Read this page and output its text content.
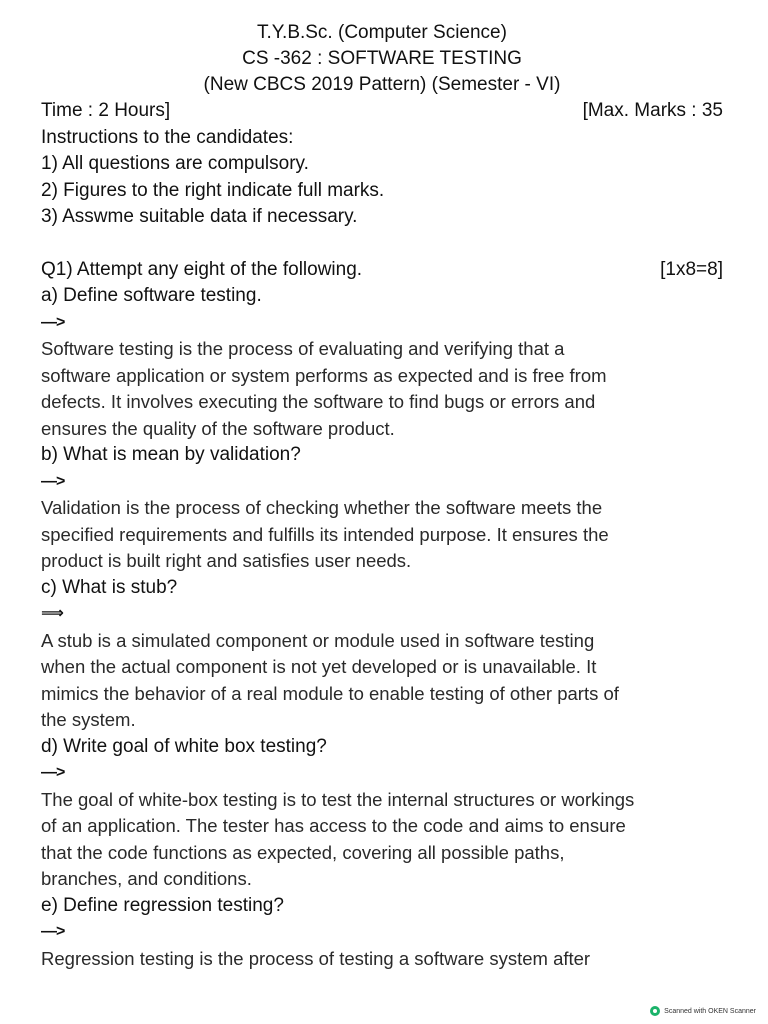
T.Y.B.Sc. (Computer Science)
CS -362 : SOFTWARE TESTING
(New CBCS 2019 Pattern) (Semester - VI)
Time : 2 Hours]	[Max. Marks : 35
Instructions to the candidates:
1) All questions are compulsory.
2) Figures to the right indicate full marks.
3) Asswme suitable data if necessary.
Q1) Attempt any eight of the following.	[1x8=8]
a) Define software testing.
—>
Software testing is the process of evaluating and verifying that a
software application or system performs as expected and is free from
defects. It involves executing the software to find bugs or errors and
ensures the quality of the software product.
b) What is mean by validation?
—>
Validation is the process of checking whether the software meets the
specified requirements and fulfills its intended purpose. It ensures the
product is built right and satisfies user needs.
c) What is stub?
⟹
A stub is a simulated component or module used in software testing
when the actual component is not yet developed or is unavailable. It
mimics the behavior of a real module to enable testing of other parts of
the system.
d) Write goal of white box testing?
—>
The goal of white-box testing is to test the internal structures or workings
of an application. The tester has access to the code and aims to ensure
that the code functions as expected, covering all possible paths,
branches, and conditions.
e) Define regression testing?
—>
Regression testing is the process of testing a software system after
Scanned with OKEN Scanner
